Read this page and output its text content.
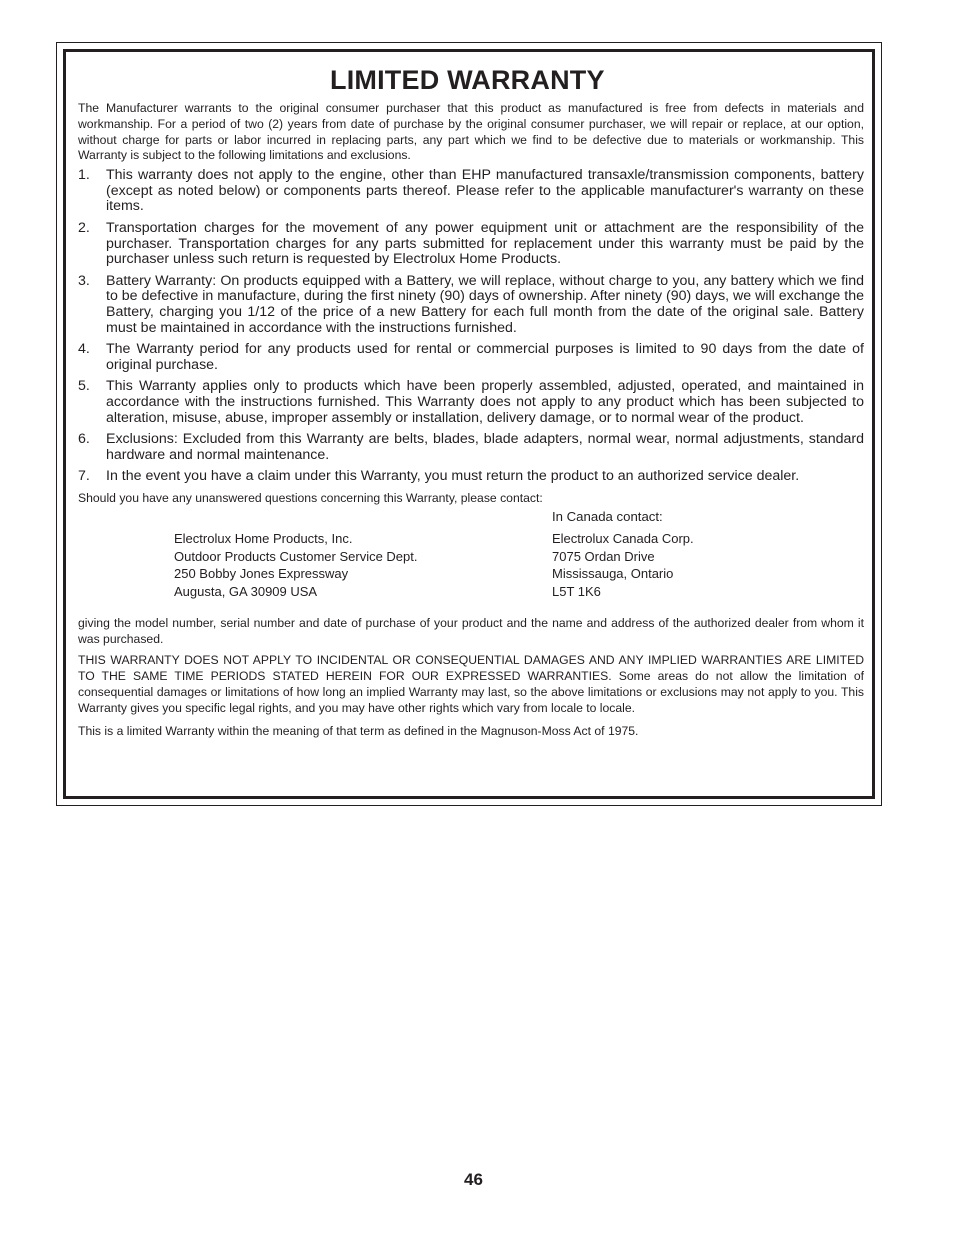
LIMITED WARRANTY

The Manufacturer warrants to the original consumer purchaser that this product as manufactured is free from defects in materials and workmanship. For a period of two (2) years from date of purchase by the original consumer purchaser, we will repair or replace, at our option, without charge for parts or labor incurred in replacing parts, any part which we find to be defective due to materials or workmanship. This Warranty is subject to the following limitations and exclusions.

1. This warranty does not apply to the engine, other than EHP manufactured transaxle/transmission components, battery (except as noted below) or components parts thereof. Please refer to the applicable manufacturer's warranty on these items.
2. Transportation charges for the movement of any power equipment unit or attachment are the responsibility of the purchaser. Transportation charges for any parts submitted for replacement under this warranty must be paid by the purchaser unless such return is requested by Electrolux Home Products.
3. Battery Warranty: On products equipped with a Battery, we will replace, without charge to you, any battery which we find to be defective in manufacture, during the first ninety (90) days of ownership. After ninety (90) days, we will exchange the Battery, charging you 1/12 of the price of a new Battery for each full month from the date of the original sale. Battery must be maintained in accordance with the instructions furnished.
4. The Warranty period for any products used for rental or commercial purposes is limited to 90 days from the date of original purchase.
5. This Warranty applies only to products which have been properly assembled, adjusted, operated, and maintained in accordance with the instructions furnished. This Warranty does not apply to any product which has been subjected to alteration, misuse, abuse, improper assembly or installation, delivery damage, or to normal wear of the product.
6. Exclusions: Excluded from this Warranty are belts, blades, blade adapters, normal wear, normal adjustments, standard hardware and normal maintenance.
7. In the event you have a claim under this Warranty, you must return the product to an authorized service dealer.

Should you have any unanswered questions concerning this Warranty, please contact:

In Canada contact:
Electrolux Home Products, Inc.
Outdoor Products Customer Service Dept.
250 Bobby Jones Expressway
Augusta, GA 30909 USA
Electrolux Canada Corp.
7075 Ordan Drive
Mississauga, Ontario
L5T 1K6

giving the model number, serial number and date of purchase of your product and the name and address of the authorized dealer from whom it was purchased.

THIS WARRANTY DOES NOT APPLY TO INCIDENTAL OR CONSEQUENTIAL DAMAGES AND ANY IMPLIED WARRANTIES ARE LIMITED TO THE SAME TIME PERIODS STATED HEREIN FOR OUR EXPRESSED WARRANTIES. Some areas do not allow the limitation of consequential damages or limitations of how long an implied Warranty may last, so the above limitations or exclusions may not apply to you. This Warranty gives you specific legal rights, and you may have other rights which vary from locale to locale.

This is a limited Warranty within the meaning of that term as defined in the Magnuson-Moss Act of 1975.

46
